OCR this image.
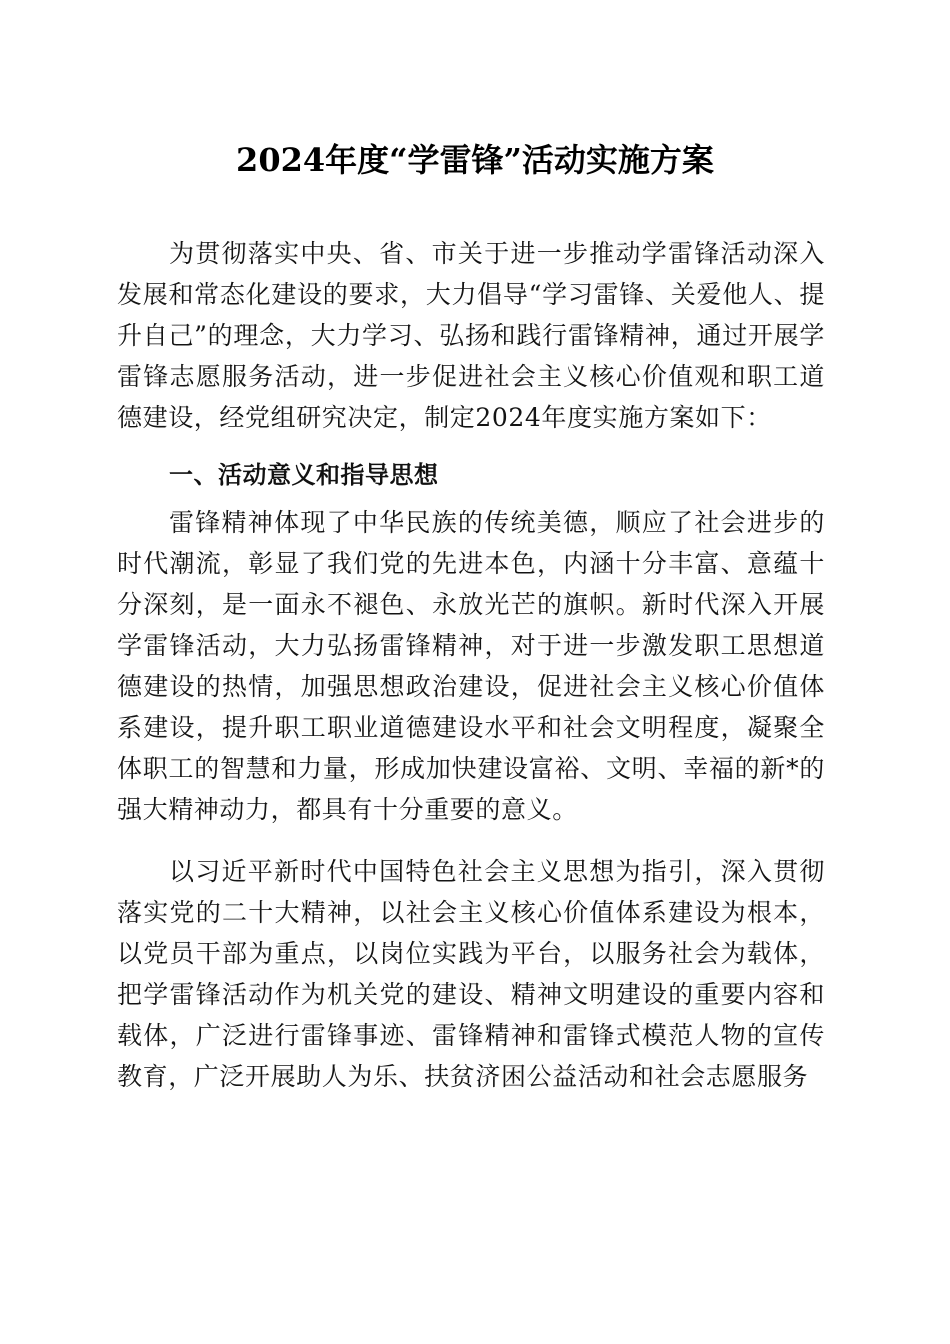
2024年度“学雷锋”活动实施方案

为贯彻落实中央、省、市关于进一步推动学雷锋活动深入发展和常态化建设的要求，大力倡导“学习雷锋、关爱他人、提升自己”的理念，大力学习、弘扬和践行雷锋精神，通过开展学雷锋志愿服务活动，进一步促进社会主义核心价值观和职工道德建设，经党组研究决定，制定2024年度实施方案如下：

一、活动意义和指导思想

雷锋精神体现了中华民族的传统美德，顺应了社会进步的时代潮流，彰显了我们党的先进本色，内涵十分丰富、意蕴十分深刻，是一面永不褪色、永放光芒的旗帜。新时代深入开展学雷锋活动，大力弘扬雷锋精神，对于进一步激发职工思想道德建设的热情，加强思想政治建设，促进社会主义核心价值体系建设，提升职工职业道德建设水平和社会文明程度，凝聚全体职工的智慧和力量，形成加快建设富裕、文明、幸福的新*的强大精神动力，都具有十分重要的意义。

以习近平新时代中国特色社会主义思想为指引，深入贯彻落实党的二十大精神，以社会主义核心价值体系建设为根本，以党员干部为重点，以岗位实践为平台，以服务社会为载体，把学雷锋活动作为机关党的建设、精神文明建设的重要内容和载体，广泛进行雷锋事迹、雷锋精神和雷锋式模范人物的宣传教育，广泛开展助人为乐、扶贫济困公益活动和社会志愿服务
